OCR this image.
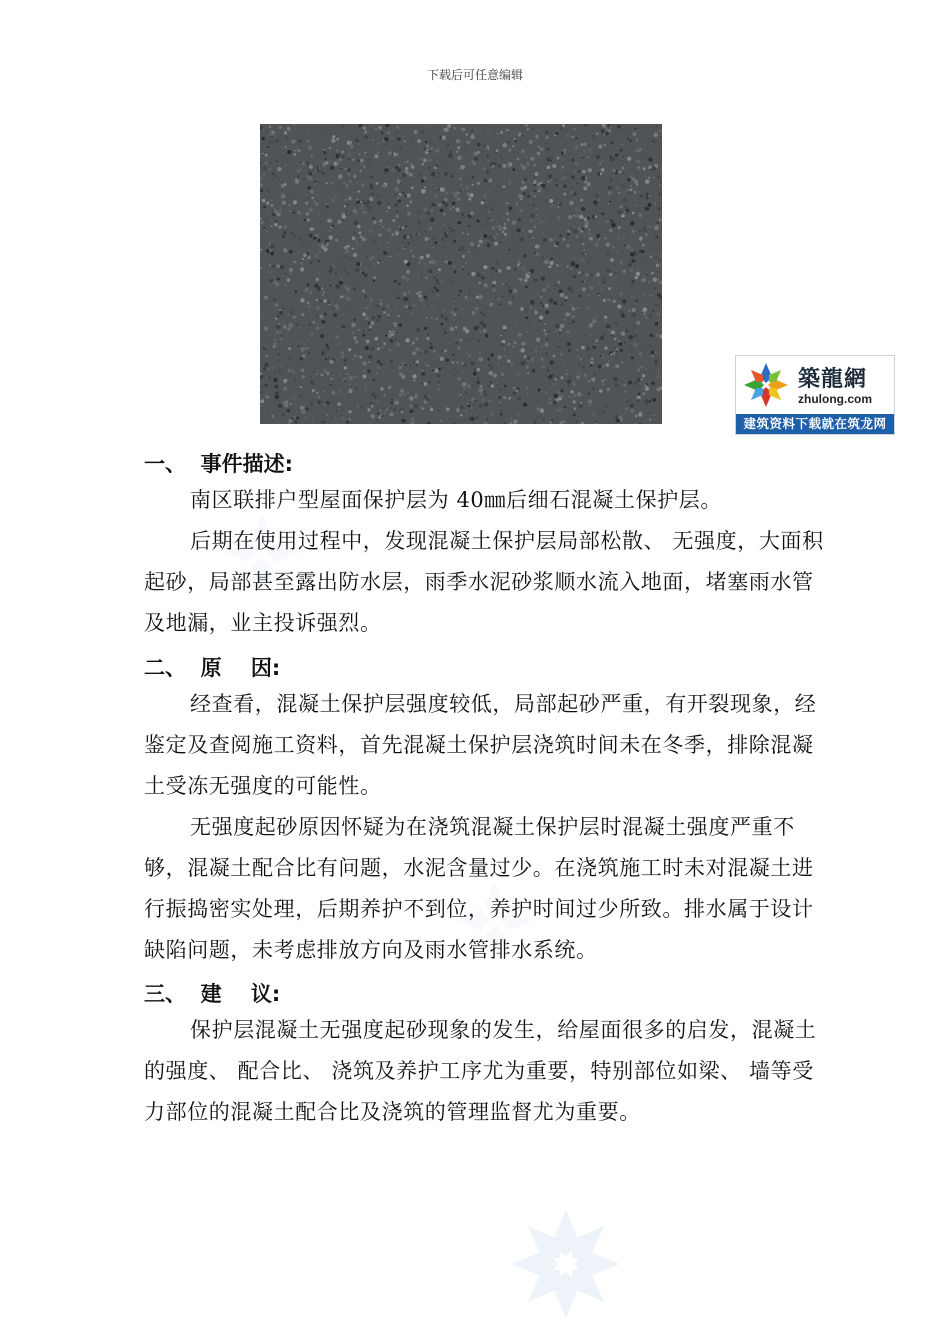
下载后可任意编辑
築龍網
zhulong.com
建筑资料下载就在筑龙网
一、  事件描述:
南区联排户型屋面保护层为 40㎜后细石混凝土保护层。
后期在使用过程中，发现混凝土保护层局部松散、 无强度，大面积起砂，局部甚至露出防水层，雨季水泥砂浆顺水流入地面，堵塞雨水管及地漏，业主投诉强烈。
二、  原    因:
经查看，混凝土保护层强度较低，局部起砂严重，有开裂现象，经鉴定及查阅施工资料，首先混凝土保护层浇筑时间未在冬季，排除混凝土受冻无强度的可能性。
无强度起砂原因怀疑为在浇筑混凝土保护层时混凝土强度严重不够，混凝土配合比有问题，水泥含量过少。在浇筑施工时未对混凝土进行振捣密实处理，后期养护不到位，养护时间过少所致。排水属于设计缺陷问题，未考虑排放方向及雨水管排水系统。
三、  建    议:
保护层混凝土无强度起砂现象的发生，给屋面很多的启发，混凝土的强度、 配合比、 浇筑及养护工序尤为重要，特别部位如梁、 墙等受力部位的混凝土配合比及浇筑的管理监督尤为重要。
